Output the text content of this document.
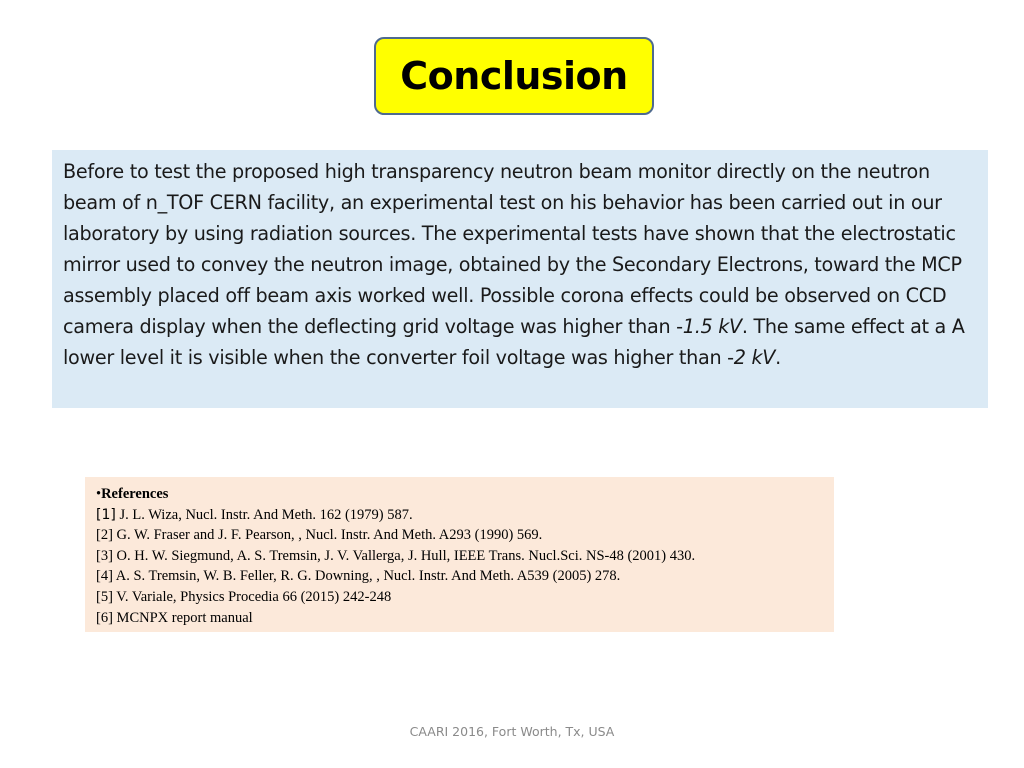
Conclusion

Before to test the proposed high transparency neutron beam monitor directly on the neutron beam of n_TOF CERN facility, an experimental test on his behavior has been carried out in our laboratory by using radiation sources. The experimental tests have shown that the electrostatic mirror used to convey the neutron image, obtained by the Secondary Electrons, toward the MCP assembly placed off beam axis worked well. Possible corona effects could be observed on CCD camera display when the deflecting grid voltage was higher than -1.5 kV. The same effect at a A lower level it is visible when the converter foil voltage was higher than -2 kV.

•References
[1] J. L. Wiza, Nucl. Instr. And Meth. 162 (1979) 587.
[2] G. W. Fraser and J. F. Pearson, , Nucl. Instr. And Meth. A293 (1990) 569.
[3] O. H. W. Siegmund, A. S. Tremsin, J. V. Vallerga, J. Hull, IEEE Trans. Nucl.Sci. NS-48 (2001) 430.
[4] A. S. Tremsin, W. B. Feller, R. G. Downing, , Nucl. Instr. And Meth. A539 (2005) 278.
[5] V. Variale, Physics Procedia 66 (2015) 242-248
[6] MCNPX report manual
CAARI 2016, Fort Worth, Tx, USA
